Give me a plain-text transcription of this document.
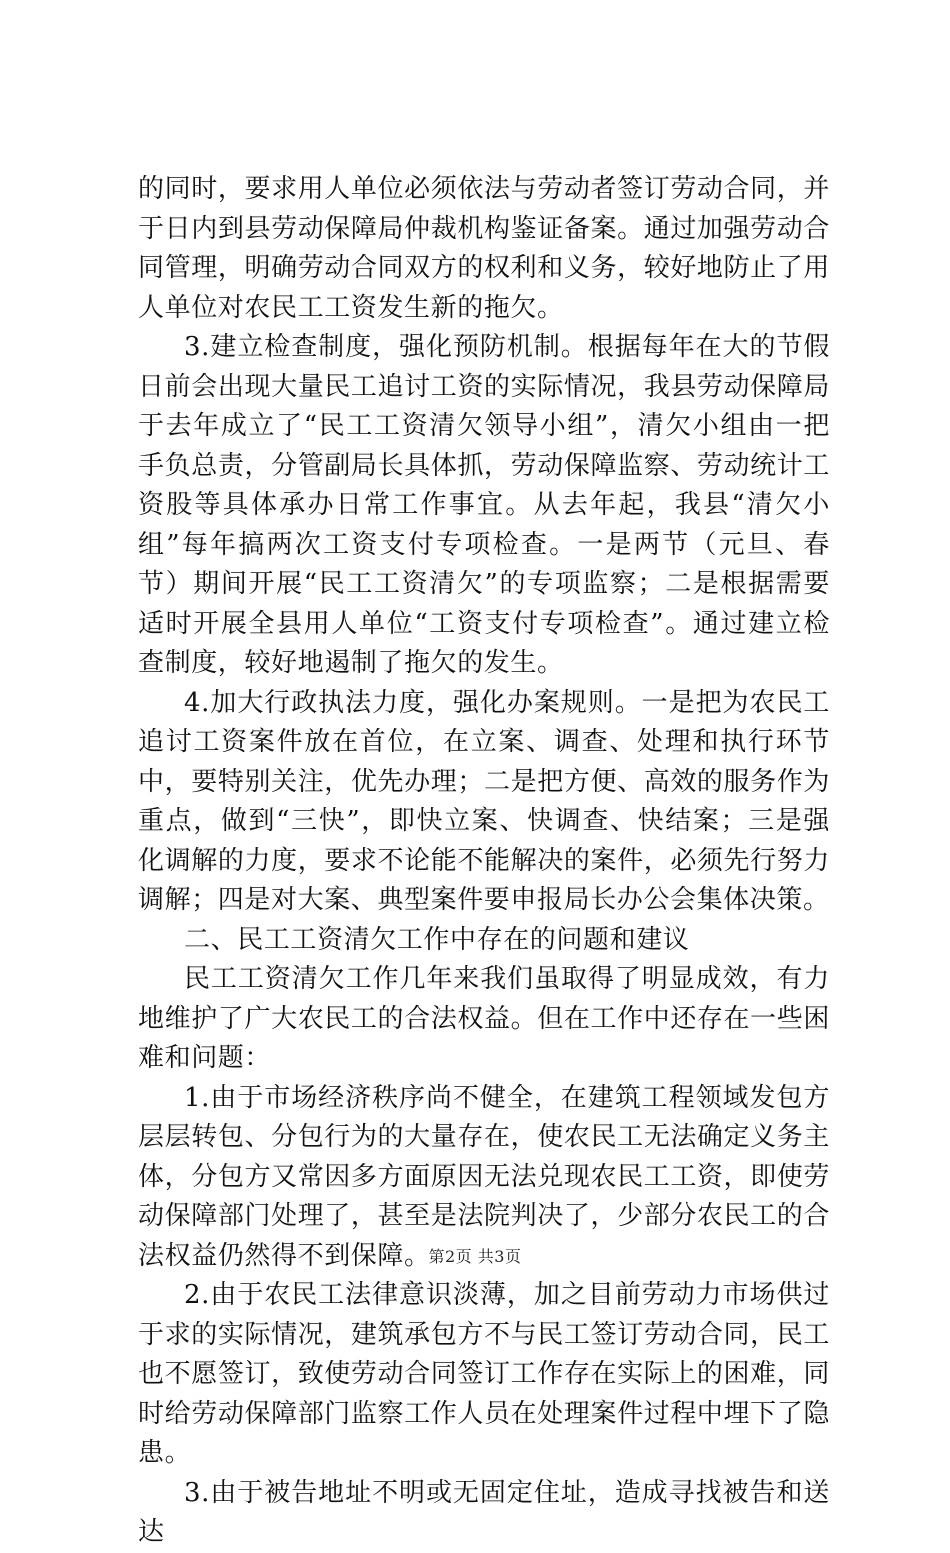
的同时，要求用人单位必须依法与劳动者签订劳动合同，并于日内到县劳动保障局仲裁机构鉴证备案。通过加强劳动合同管理，明确劳动合同双方的权利和义务，较好地防止了用人单位对农民工工资发生新的拖欠。

3.建立检查制度，强化预防机制。根据每年在大的节假日前会出现大量民工追讨工资的实际情况，我县劳动保障局于去年成立了“民工工资清欠领导小组”，清欠小组由一把手负总责，分管副局长具体抓，劳动保障监察、劳动统计工资股等具体承办日常工作事宜。从去年起，我县“清欠小组”每年搞两次工资支付专项检查。一是两节（元旦、春节）期间开展“民工工资清欠”的专项监察；二是根据需要适时开展全县用人单位“工资支付专项检查”。通过建立检查制度，较好地遏制了拖欠的发生。

4.加大行政执法力度，强化办案规则。一是把为农民工追讨工资案件放在首位，在立案、调查、处理和执行环节中，要特别关注，优先办理；二是把方便、高效的服务作为重点，做到“三快”，即快立案、快调查、快结案；三是强化调解的力度，要求不论能不能解决的案件，必须先行努力调解；四是对大案、典型案件要申报局长办公会集体决策。

二、民工工资清欠工作中存在的问题和建议

民工工资清欠工作几年来我们虽取得了明显成效，有力地维护了广大农民工的合法权益。但在工作中还存在一些困难和问题：

1.由于市场经济秩序尚不健全，在建筑工程领域发包方层层转包、分包行为的大量存在，使农民工无法确定义务主体，分包方又常因多方面原因无法兑现农民工工资，即使劳动保障部门处理了，甚至是法院判决了，少部分农民工的合法权益仍然得不到保障。

2.由于农民工法律意识淡薄，加之目前劳动力市场供过于求的实际情况，建筑承包方不与民工签订劳动合同，民工也不愿签订，致使劳动合同签订工作存在实际上的困难，同时给劳动保障部门监察工作人员在处理案件过程中埋下了隐患。

3.由于被告地址不明或无固定住址，造成寻找被告和送达

第2页 共3页
